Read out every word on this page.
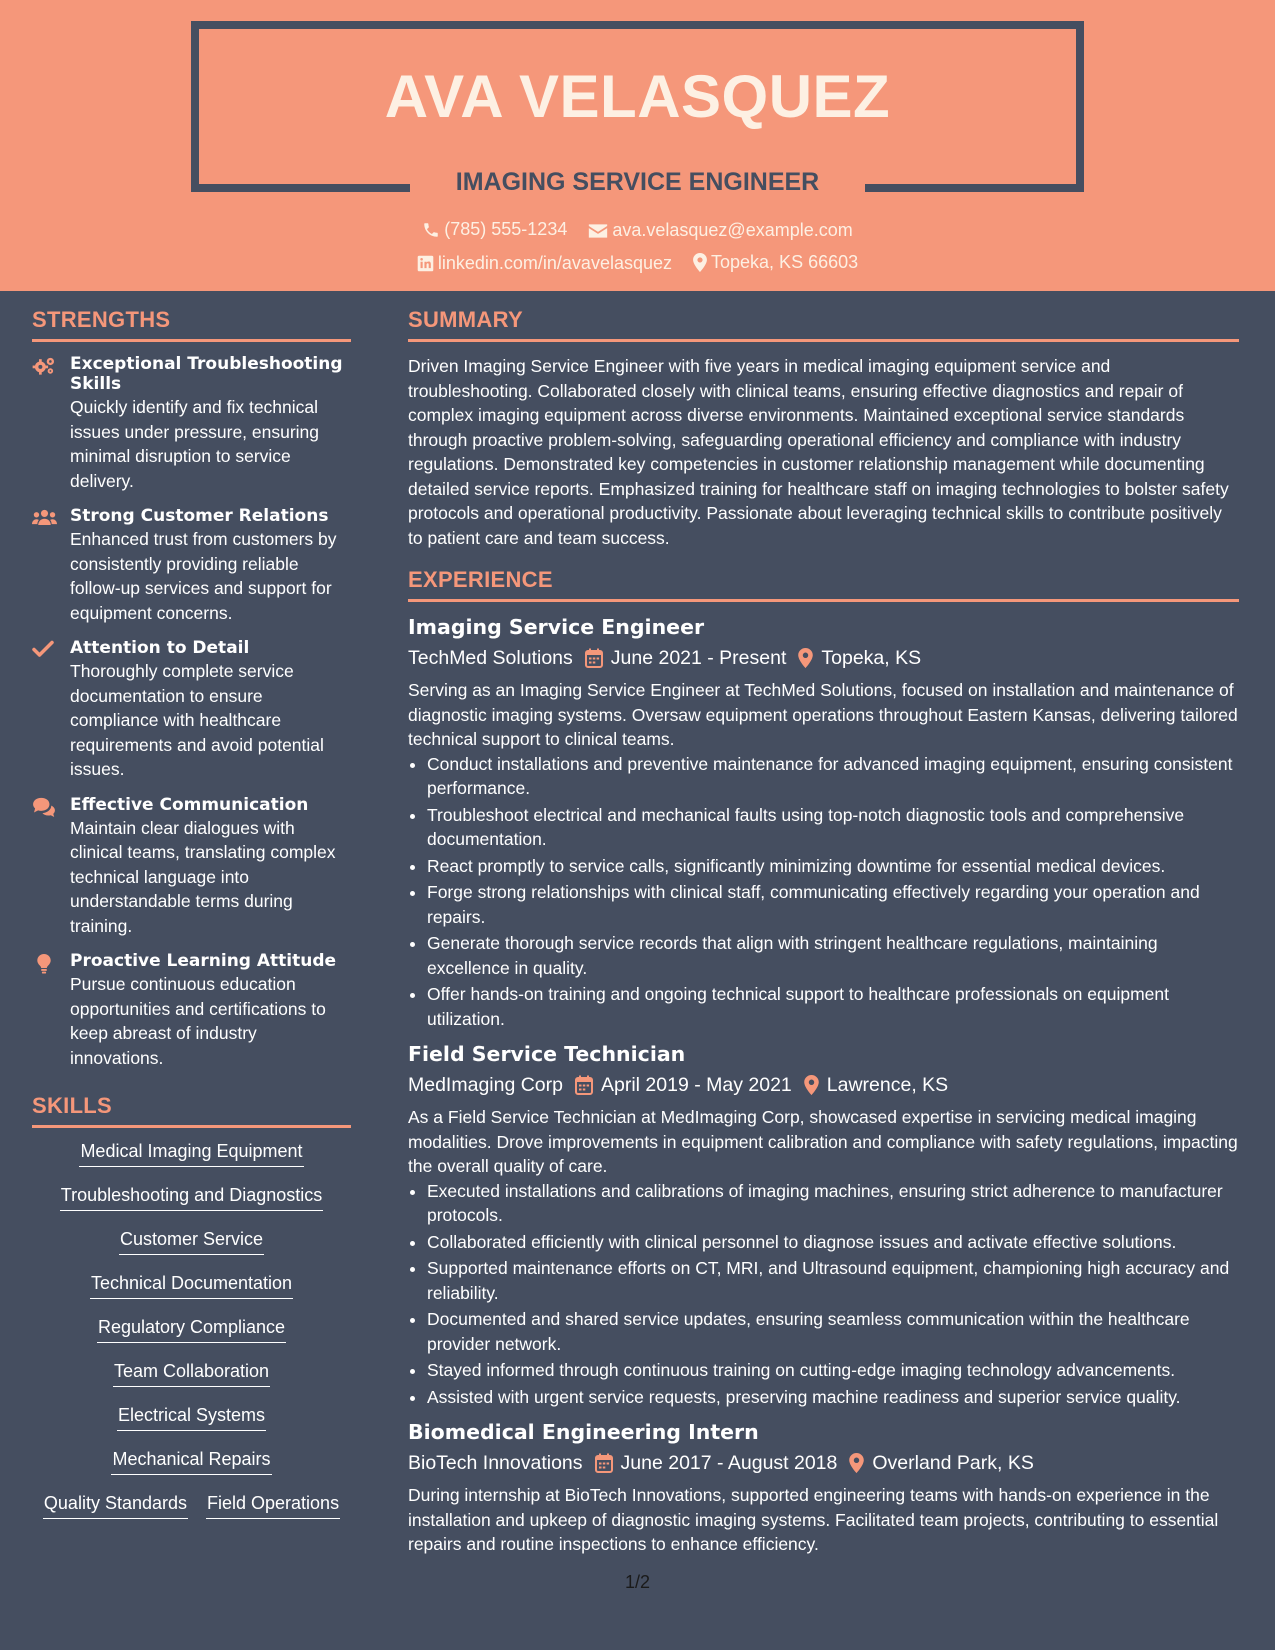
AVA VELASQUEZ
IMAGING SERVICE ENGINEER
(785) 555-1234
	ava.velasquez@example.com
linkedin.com/in/avavelasquez
Topeka, KS 66603
STRENGTHS
Exceptional Troubleshooting Skills
Quickly identify and fix technical issues under pressure, ensuring minimal disruption to service delivery.
Strong Customer Relations
Enhanced trust from customers by consistently providing reliable follow-up services and support for equipment concerns.
Attention to Detail
Thoroughly complete service documentation to ensure compliance with healthcare requirements and avoid potential issues.
Effective Communication
Maintain clear dialogues with clinical teams, translating complex technical language into understandable terms during training.
Proactive Learning Attitude
Pursue continuous education opportunities and certifications to keep abreast of industry innovations.
SKILLS
Medical Imaging Equipment
Troubleshooting and Diagnostics
Customer Service
Technical Documentation
Regulatory Compliance
Team Collaboration
Electrical Systems
Mechanical Repairs
Quality Standards Field Operations
SUMMARY

Driven Imaging Service Engineer with five years in medical imaging equipment service and troubleshooting. Collaborated closely with clinical teams, ensuring effective diagnostics and repair of complex imaging equipment across diverse environments. Maintained exceptional service standards through proactive problem-solving, safeguarding operational efficiency and compliance with industry regulations. Demonstrated key competencies in customer relationship management while documenting detailed service reports. Emphasized training for healthcare staff on imaging technologies to bolster safety protocols and operational productivity. Passionate about leveraging technical skills to contribute positively to patient care and team success.

EXPERIENCE
Imaging Service Engineer
TechMed Solutions June 2021 - Present Topeka, KS

Serving as an Imaging Service Engineer at TechMed Solutions, focused on installation and maintenance of diagnostic imaging systems. Oversaw equipment operations throughout Eastern Kansas, delivering tailored technical support to clinical teams.

• Conduct installations and preventive maintenance for advanced imaging equipment, ensuring consistent performance.
• Troubleshoot electrical and mechanical faults using top-notch diagnostic tools and comprehensive documentation.
• React promptly to service calls, significantly minimizing downtime for essential medical devices.
• Forge strong relationships with clinical staff, communicating effectively regarding your operation and repairs.
• Generate thorough service records that align with stringent healthcare regulations, maintaining excellence in quality.
• Offer hands-on training and ongoing technical support to healthcare professionals on equipment utilization.
Field Service Technician
MedImaging Corp April 2019 - May 2021 Lawrence, KS

As a Field Service Technician at MedImaging Corp, showcased expertise in servicing medical imaging modalities. Drove improvements in equipment calibration and compliance with safety regulations, impacting the overall quality of care.

• Executed installations and calibrations of imaging machines, ensuring strict adherence to manufacturer protocols.
• Collaborated efficiently with clinical personnel to diagnose issues and activate effective solutions.
• Supported maintenance efforts on CT, MRI, and Ultrasound equipment, championing high accuracy and reliability.
• Documented and shared service updates, ensuring seamless communication within the healthcare provider network.
• Stayed informed through continuous training on cutting-edge imaging technology advancements.
• Assisted with urgent service requests, preserving machine readiness and superior service quality.
Biomedical Engineering Intern
BioTech Innovations June 2017 - August 2018 Overland Park, KS

During internship at BioTech Innovations, supported engineering teams with hands-on experience in the installation and upkeep of diagnostic imaging systems. Facilitated team projects, contributing to essential repairs and routine inspections to enhance efficiency.

1/2
